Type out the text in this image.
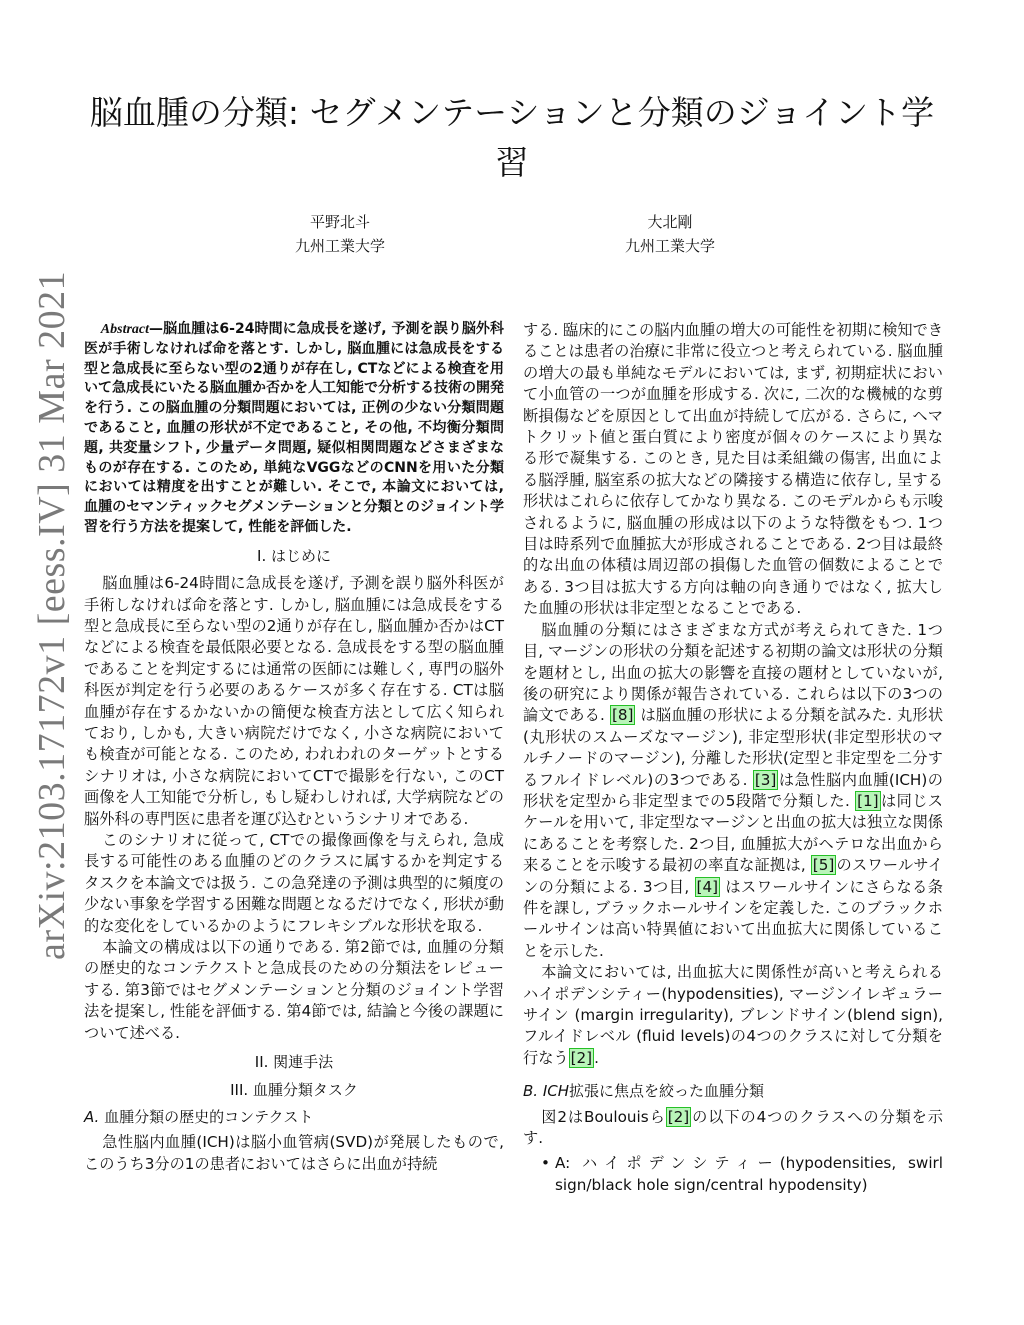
arXiv:2103.17172v1 [eess.IV] 31 Mar 2021
脳血腫の分類: セグメンテーションと分類のジョイント学習
平野北斗
九州工業大学
大北剛
九州工業大学

Abstract—脳血腫は6-24時間に急成長を遂げ, 予測を誤り脳外科医が手術しなければ命を落とす. しかし, 脳血腫には急成長をする型と急成長に至らない型の2通りが存在し, CTなどによる検査を用いて急成長にいたる脳血腫か否かを人工知能で分析する技術の開発を行う. この脳血腫の分類問題においては, 正例の少ない分類問題であること, 血腫の形状が不定であること, その他, 不均衡分類問題, 共変量シフト, 少量データ問題, 疑似相関問題などさまざまなものが存在する. このため, 単純なVGGなどのCNNを用いた分類においては精度を出すことが難しい. そこで, 本論文においては, 血腫のセマンティックセグメンテーションと分類とのジョイント学習を行う方法を提案して, 性能を評価した.

I. はじめに

脳血腫は6-24時間に急成長を遂げ, 予測を誤り脳外科医が手術しなければ命を落とす. しかし, 脳血腫には急成長をする型と急成長に至らない型の2通りが存在し, 脳血腫か否かはCTなどによる検査を最低限必要となる. 急成長をする型の脳血腫であることを判定するには通常の医師には難しく, 専門の脳外科医が判定を行う必要のあるケースが多く存在する. CTは脳血腫が存在するかないかの簡便な検査方法として広く知られており, しかも, 大きい病院だけでなく, 小さな病院においても検査が可能となる. このため, われわれのターゲットとするシナリオは, 小さな病院においてCTで撮影を行ない, このCT画像を人工知能で分析し, もし疑わしければ, 大学病院などの脳外科の専門医に患者を運び込むというシナリオである.

このシナリオに従って, CTでの撮像画像を与えられ, 急成長する可能性のある血腫のどのクラスに属するかを判定するタスクを本論文では扱う. この急発達の予測は典型的に頻度の少ない事象を学習する困難な問題となるだけでなく, 形状が動的な変化をしているかのようにフレキシブルな形状を取る.

本論文の構成は以下の通りである. 第2節では, 血腫の分類の歴史的なコンテクストと急成長のための分類法をレビューする. 第3節ではセグメンテーションと分類のジョイント学習法を提案し, 性能を評価する. 第4節では, 結論と今後の課題について述べる.

II. 関連手法
III. 血腫分類タスク
A. 血腫分類の歴史的コンテクスト

急性脳内血腫(ICH)は脳小血管病(SVD)が発展したもので, このうち3分の1の患者においてはさらに出血が持続

する. 臨床的にこの脳内血腫の増大の可能性を初期に検知できることは患者の治療に非常に役立つと考えられている. 脳血腫の増大の最も単純なモデルにおいては, まず, 初期症状において小血管の一つが血腫を形成する. 次に, 二次的な機械的な剪断損傷などを原因として出血が持続して広がる. さらに, ヘマトクリット値と蛋白質により密度が個々のケースにより異なる形で凝集する. このとき, 見た目は柔組織の傷害, 出血による脳浮腫, 脳室系の拡大などの隣接する構造に依存し, 呈する形状はこれらに依存してかなり異なる. このモデルからも示唆されるように, 脳血腫の形成は以下のような特徴をもつ. 1つ目は時系列で血腫拡大が形成されることである. 2つ目は最終的な出血の体積は周辺部の損傷した血管の個数によることである. 3つ目は拡大する方向は軸の向き通りではなく, 拡大した血腫の形状は非定型となることである.

脳血腫の分類にはさまざまな方式が考えられてきた. 1つ目, マージンの形状の分類を記述する初期の論文は形状の分類を題材とし, 出血の拡大の影響を直接の題材としていないが, 後の研究により関係が報告されている. これらは以下の3つの論文である. [8] は脳血腫の形状による分類を試みた. 丸形状(丸形状のスムーズなマージン), 非定型形状(非定型形状のマルチノードのマージン), 分離した形状(定型と非定型を二分するフルイドレベル)の3つである. [3] は急性脳内血腫(ICH)の形状を定型から非定型までの5段階で分類した. [1] は同じスケールを用いて, 非定型なマージンと出血の拡大は独立な関係にあることを考察した. 2つ目, 血腫拡大がヘテロな出血から来ることを示唆する最初の率直な証拠は, [5] のスワールサインの分類による. 3つ目, [4] はスワールサインにさらなる条件を課し, ブラックホールサインを定義した. このブラックホールサインは高い特異値において出血拡大に関係していることを示した.

本論文においては, 出血拡大に関係性が高いと考えられるハイポデンシティー(hypodensities), マージンイレギュラーサイン (margin irregularity), ブレンドサイン(blend sign), フルイドレベル (fluid levels)の4つのクラスに対して分類を行なう [2] .

B. ICH拡張に焦点を絞った血腫分類

図2はBoulouisら [2] の以下の4つのクラスへの分類を示す.

• A: ハイポデンシティー(hypodensities, swirl sign/black hole sign/central hypodensity)
